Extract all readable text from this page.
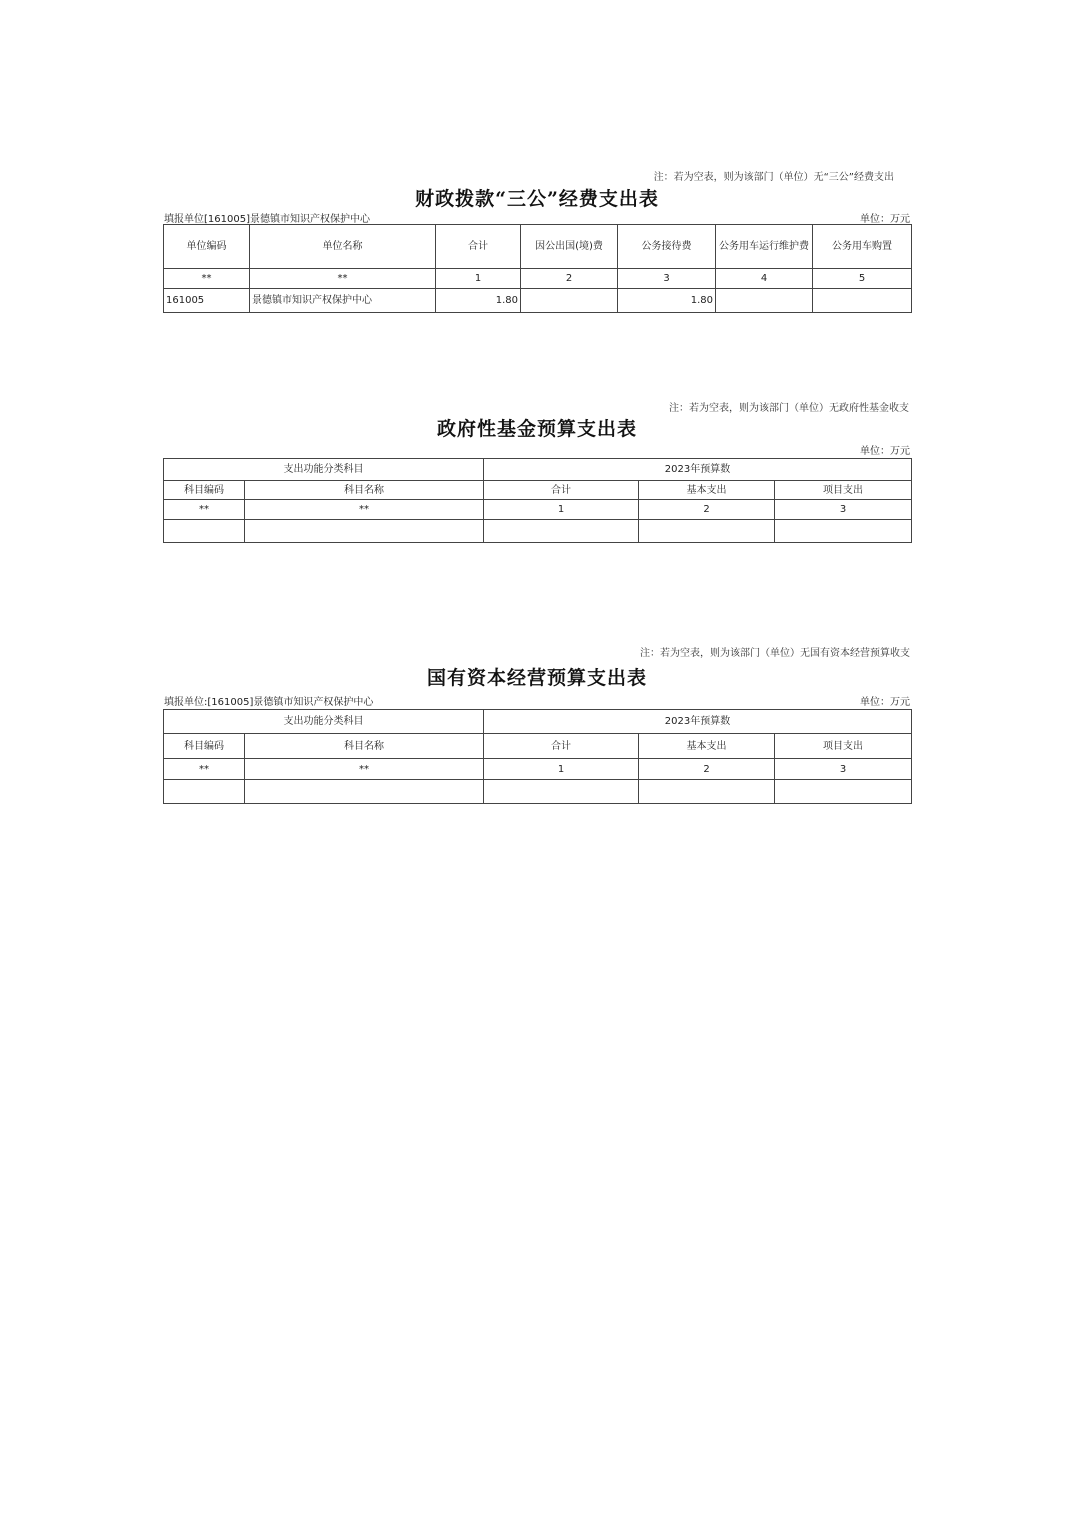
注：若为空表，则为该部门（单位）无“三公”经费支出
财政拨款“三公”经费支出表
填报单位[161005]景德镇市知识产权保护中心	单位：万元
单位编码	单位名称	合计	因公出国(境)费	公务接待费	公务用车运行维护费	公务用车购置
**	**	1	2	3	4	5
161005	景德镇市知识产权保护中心	1.80		1.80		
注：若为空表，则为该部门（单位）无政府性基金收支
政府性基金预算支出表
单位：万元
支出功能分类科目		2023年预算数		
科目编码	科目名称	合计	基本支出	项目支出
**	**	1	2	3

注：若为空表，则为该部门（单位）无国有资本经营预算收支
国有资本经营预算支出表
填报单位:[161005]景德镇市知识产权保护中心	单位：万元
支出功能分类科目		2023年预算数		
科目编码	科目名称	合计	基本支出	项目支出
**	**	1	2	3
